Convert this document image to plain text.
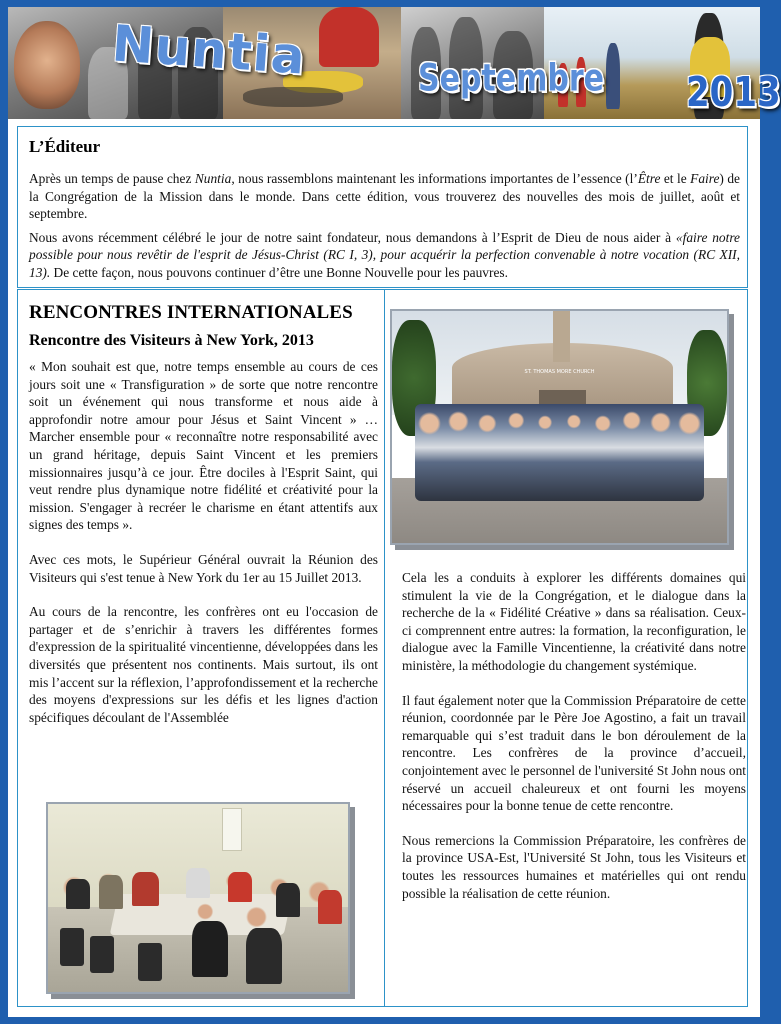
Nuntia	Septembre 2013
L’Éditeur

Après un temps de pause chez Nuntia, nous rassemblons maintenant les informations importantes de l’essence (l’Être et le Faire) de la Congrégation de la Mission dans le monde. Dans cette édition, vous trouverez des nouvelles des mois de juillet, août et septembre.

Nous avons récemment célébré le jour de notre saint fondateur, nous demandons à l’Esprit de Dieu de nous aider à «faire notre possible pour nous revêtir de l'esprit de Jésus-Christ (RC I, 3), pour acquérir la perfection convenable à notre vocation (RC XII, 13). De cette façon, nous pouvons continuer d’être une Bonne Nouvelle pour les pauvres.

RENCONTRES INTERNATIONALES
Rencontre des Visiteurs à New York, 2013

« Mon souhait est que, notre temps ensemble au cours de ces jours soit une « Transfiguration » de sorte que notre rencontre soit un événement qui nous transforme et nous aide à approfondir notre amour pour Jésus et Saint Vincent » … Marcher ensemble pour « reconnaître notre responsabilité avec un grand héritage, depuis Saint Vincent et les premiers missionnaires jusqu’à ce jour. Être dociles à l'Esprit Saint, qui veut rendre plus dynamique notre fidélité et créativité pour la mission. S'engager à recréer le charisme en étant attentifs aux signes des temps ».

Avec ces mots, le Supérieur Général ouvrait la Réunion des Visiteurs qui s'est tenue à New York du 1er au 15 Juillet 2013.

Au cours de la rencontre, les confrères ont eu l'occasion de partager et de s’enrichir à travers les différentes formes d'expression de la spiritualité vincentienne, développées dans les diversités que présentent nos continents. Mais surtout, ils ont mis l’accent sur la réflexion, l’approfondissement et la recherche des moyens d'expressions sur les défis et les lignes d'action spécifiques découlant de l'Assemblée

Cela les a conduits à explorer les différents domaines qui stimulent la vie de la Congrégation, et le dialogue dans la recherche de la « Fidélité Créative » dans sa réalisation. Ceux-ci comprennent entre autres: la formation, la reconfiguration, le dialogue avec la Famille Vincentienne, la créativité dans notre ministère, la méthodologie du changement systémique.

Il faut également noter que la Commission Préparatoire de cette réunion, coordonnée par le Père Joe Agostino, a fait un travail remarquable qui s’est traduit dans le bon déroulement de la rencontre. Les confrères de la province d’accueil, conjointement avec le personnel de l'université St John nous ont réservé un accueil chaleureux et ont fourni les moyens nécessaires pour la bonne tenue de cette rencontre.

Nous remercions la Commission Préparatoire, les confrères de la province USA-Est, l'Université St John, tous les Visiteurs et toutes les ressources humaines et matérielles qui ont rendu possible la réalisation de cette réunion.

ST. THOMAS MORE CHURCH
